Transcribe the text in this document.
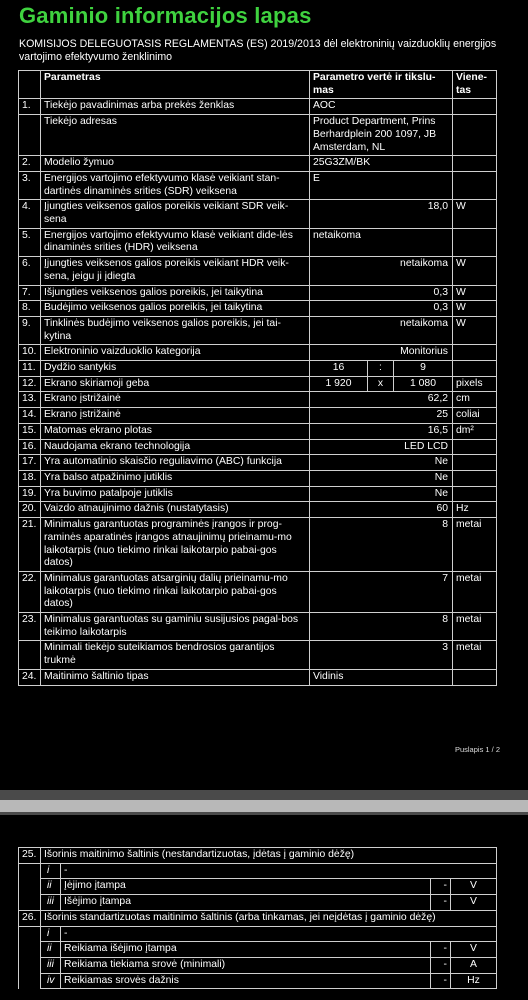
Gaminio informacijos lapas
KOMISIJOS DELEGUOTASIS REGLAMENTAS (ES) 2019/2013 dėl elektroninių vaizduoklių energijos vartojimo efektyvumo ženklinimo
	Parametras	Parametro vertė ir tikslu-mas			Viene-tas
1.	Tiekėjo pavadinimas arba prekės ženklas	AOC			
	Tiekėjo adresas	Product Department, Prins Berhardplein 200 1097, JB Amsterdam, NL			
2.	Modelio žymuo	25G3ZM/BK			
3.	Energijos vartojimo efektyvumo klasė veikiant stan-dartinės dinaminės srities (SDR) veiksena	E			
4.	Įjungties veiksenos galios poreikis veikiant SDR veik-sena	18,0			W
5.	Energijos vartojimo efektyvumo klasė veikiant dide-lės dinaminės srities (HDR) veiksena	netaikoma			
6.	Įjungties veiksenos galios poreikis veikiant HDR veik-sena, jeigu ji įdiegta	netaikoma			W
7.	Išjungties veiksenos galios poreikis, jei taikytina	0,3			W
8.	Budėjimo veiksenos galios poreikis, jei taikytina	0,3			W
9.	Tinklinės budėjimo veiksenos galios poreikis, jei tai-kytina	netaikoma			W
10.	Elektroninio vaizduoklio kategorija	Monitorius			
11.	Dydžio santykis	16	:	9	
12.	Ekrano skiriamoji geba	1 920	x	1 080	pixels
13.	Ekrano įstrižainė	62,2			cm
14.	Ekrano įstrižainė	25			coliai
15.	Matomas ekrano plotas	16,5			dm²
16.	Naudojama ekrano technologija	LED LCD			
17.	Yra automatinio skaisčio reguliavimo (ABC) funkcija	Ne			
18.	Yra balso atpažinimo jutiklis	Ne			
19.	Yra buvimo patalpoje jutiklis	Ne			
20.	Vaizdo atnaujinimo dažnis (nustatytasis)	60			Hz
21.	Minimalus garantuotas programinės įrangos ir prog-raminės aparatinės įrangos atnaujinimų prieinamu-mo laikotarpis (nuo tiekimo rinkai laikotarpio pabai-gos datos)	8			metai
22.	Minimalus garantuotas atsarginių dalių prieinamu-mo laikotarpis (nuo tiekimo rinkai laikotarpio pabai-gos datos)	7			metai
23.	Minimalus garantuotas su gaminiu susijusios pagal-bos teikimo laikotarpis	8			metai
	Minimali tiekėjo suteikiamos bendrosios garantijos trukmė	3			metai
24.	Maitinimo šaltinio tipas	Vidinis			
Puslapis 1 / 2
25.	Išorinis maitinimo šaltinis (nestandartizuotas, įdėtas į gaminio dėžę)			
	i	-		
	ii	Įėjimo įtampa	-	V
	iii	Išėjimo įtampa	-	V
26.	Išorinis standartizuotas maitinimo šaltinis (arba tinkamas, jei neįdėtas į gaminio dėžę)			
	i	-		
	ii	Reikiama išėjimo įtampa	-	V
	iii	Reikiama tiekiama srovė (minimali)	-	A
	iv	Reikiamas srovės dažnis	-	Hz
